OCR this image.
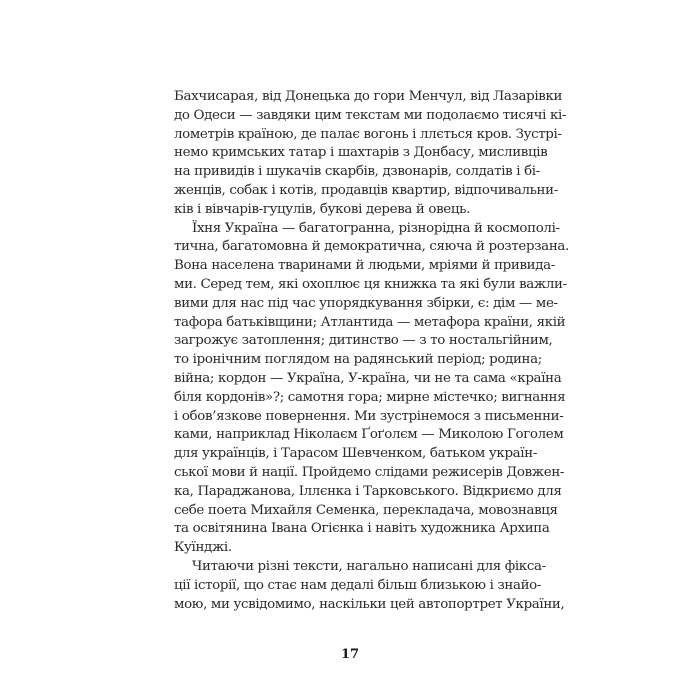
Бахчисарая, від Донецька до гори Менчул, від Лазарівки
до Одеси — завдяки цим текстам ми подолаємо тисячі кі-
лометрів країною, де палає вогонь і ллється кров. Зустрі-
немо кримських татар і шахтарів з Донбасу, мисливців
на привидів і шукачів скарбів, дзвонарів, солдатів і бі-
женців, собак і котів, продавців квартир, відпочивальни-
ків і вівчарів-гуцулів, букові дерева й овець.
Їхня Україна — багатогранна, різнорідна й космополі-
тична, багатомовна й демократична, сяюча й розтерзана.
Вона населена тваринами й людьми, мріями й привида-
ми. Серед тем, які охоплює ця книжка та які були важли-
вими для нас під час упорядкування збірки, є: дім — ме-
тафора батьківщини; Атлантида — метафора країни, якій
загрожує затоплення; дитинство — з то ностальгійним,
то іронічним поглядом на радянський період; родина;
війна; кордон — Україна, У-країна, чи не та сама «країна
біля кордонів»?; самотня гора; мирне містечко; вигнання
і обов’язкове повернення. Ми зустрінемося з письменни-
ками, наприклад Ніколаєм Ґоґолєм — Миколою Гоголем
для українців, і Тарасом Шевченком, батьком україн-
ської мови й нації. Пройдемо слідами режисерів Довжен-
ка, Параджанова, Іллєнка і Тарковського. Відкриємо для
себе поета Михайля Семенка, перекладача, мовознавця
та освітянина Івана Огієнка і навіть художника Архипа
Куїнджі.
Читаючи різні тексти, нагально написані для фікса-
ції історії, що стає нам дедалі більш близькою і знайо-
мою, ми усвідомимо, наскільки цей автопортрет України,
17
